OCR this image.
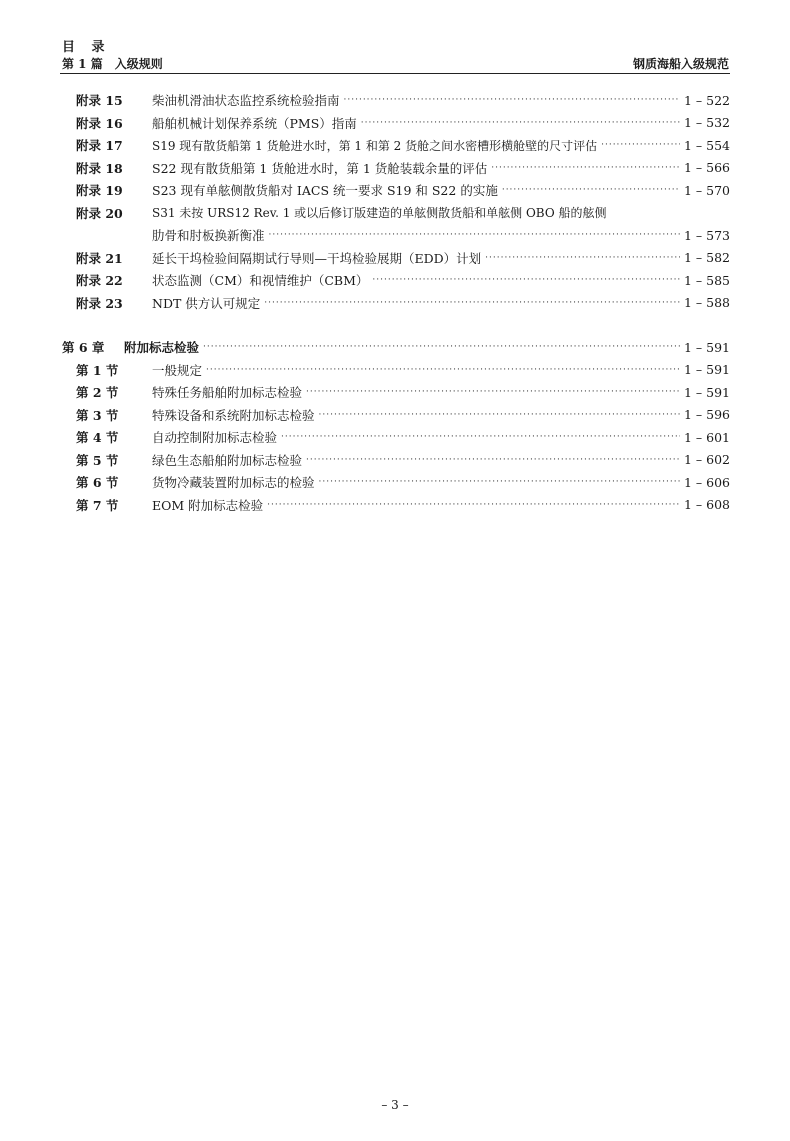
目 录
第 1 篇　入级规则	钢质海船入级规范
附录 15	柴油机滑油状态监控系统检验指南 ·····	1 – 522
附录 16	船舶机械计划保养系统（PMS）指南 ·····	1 – 532
附录 17	S19 现有散货船第 1 货舱进水时，第 1 和第 2 货舱之间水密槽形横舱壁的尺寸评估 ·····	1 – 554
附录 18	S22 现有散货船第 1 货舱进水时，第 1 货舱装载余量的评估 ·····	1 – 566
附录 19	S23 现有单舷侧散货船对 IACS 统一要求 S19 和 S22 的实施 ·····	1 – 570
附录 20	S31 未按 URS12 Rev. 1 或以后修订版建造的单舷侧散货船和单舷侧 OBO 船的舷侧
肋骨和肘板换新衡准 ·····	1 – 573
附录 21	延长干坞检验间隔期试行导则—干坞检验展期（EDD）计划 ·····	1 – 582
附录 22	状态监测（CM）和视情维护（CBM） ·····	1 – 585
附录 23	NDT 供方认可规定 ·····	1 – 588
第 6 章	附加标志检验 ·····	1 – 591
第 1 节	一般规定 ·····	1 – 591
第 2 节	特殊任务船舶附加标志检验 ·····	1 – 591
第 3 节	特殊设备和系统附加标志检验 ·····	1 – 596
第 4 节	自动控制附加标志检验 ·····	1 – 601
第 5 节	绿色生态船舶附加标志检验 ·····	1 – 602
第 6 节	货物冷藏装置附加标志的检验 ·····	1 – 606
第 7 节	EOM 附加标志检验 ·····	1 – 608
– 3 –
